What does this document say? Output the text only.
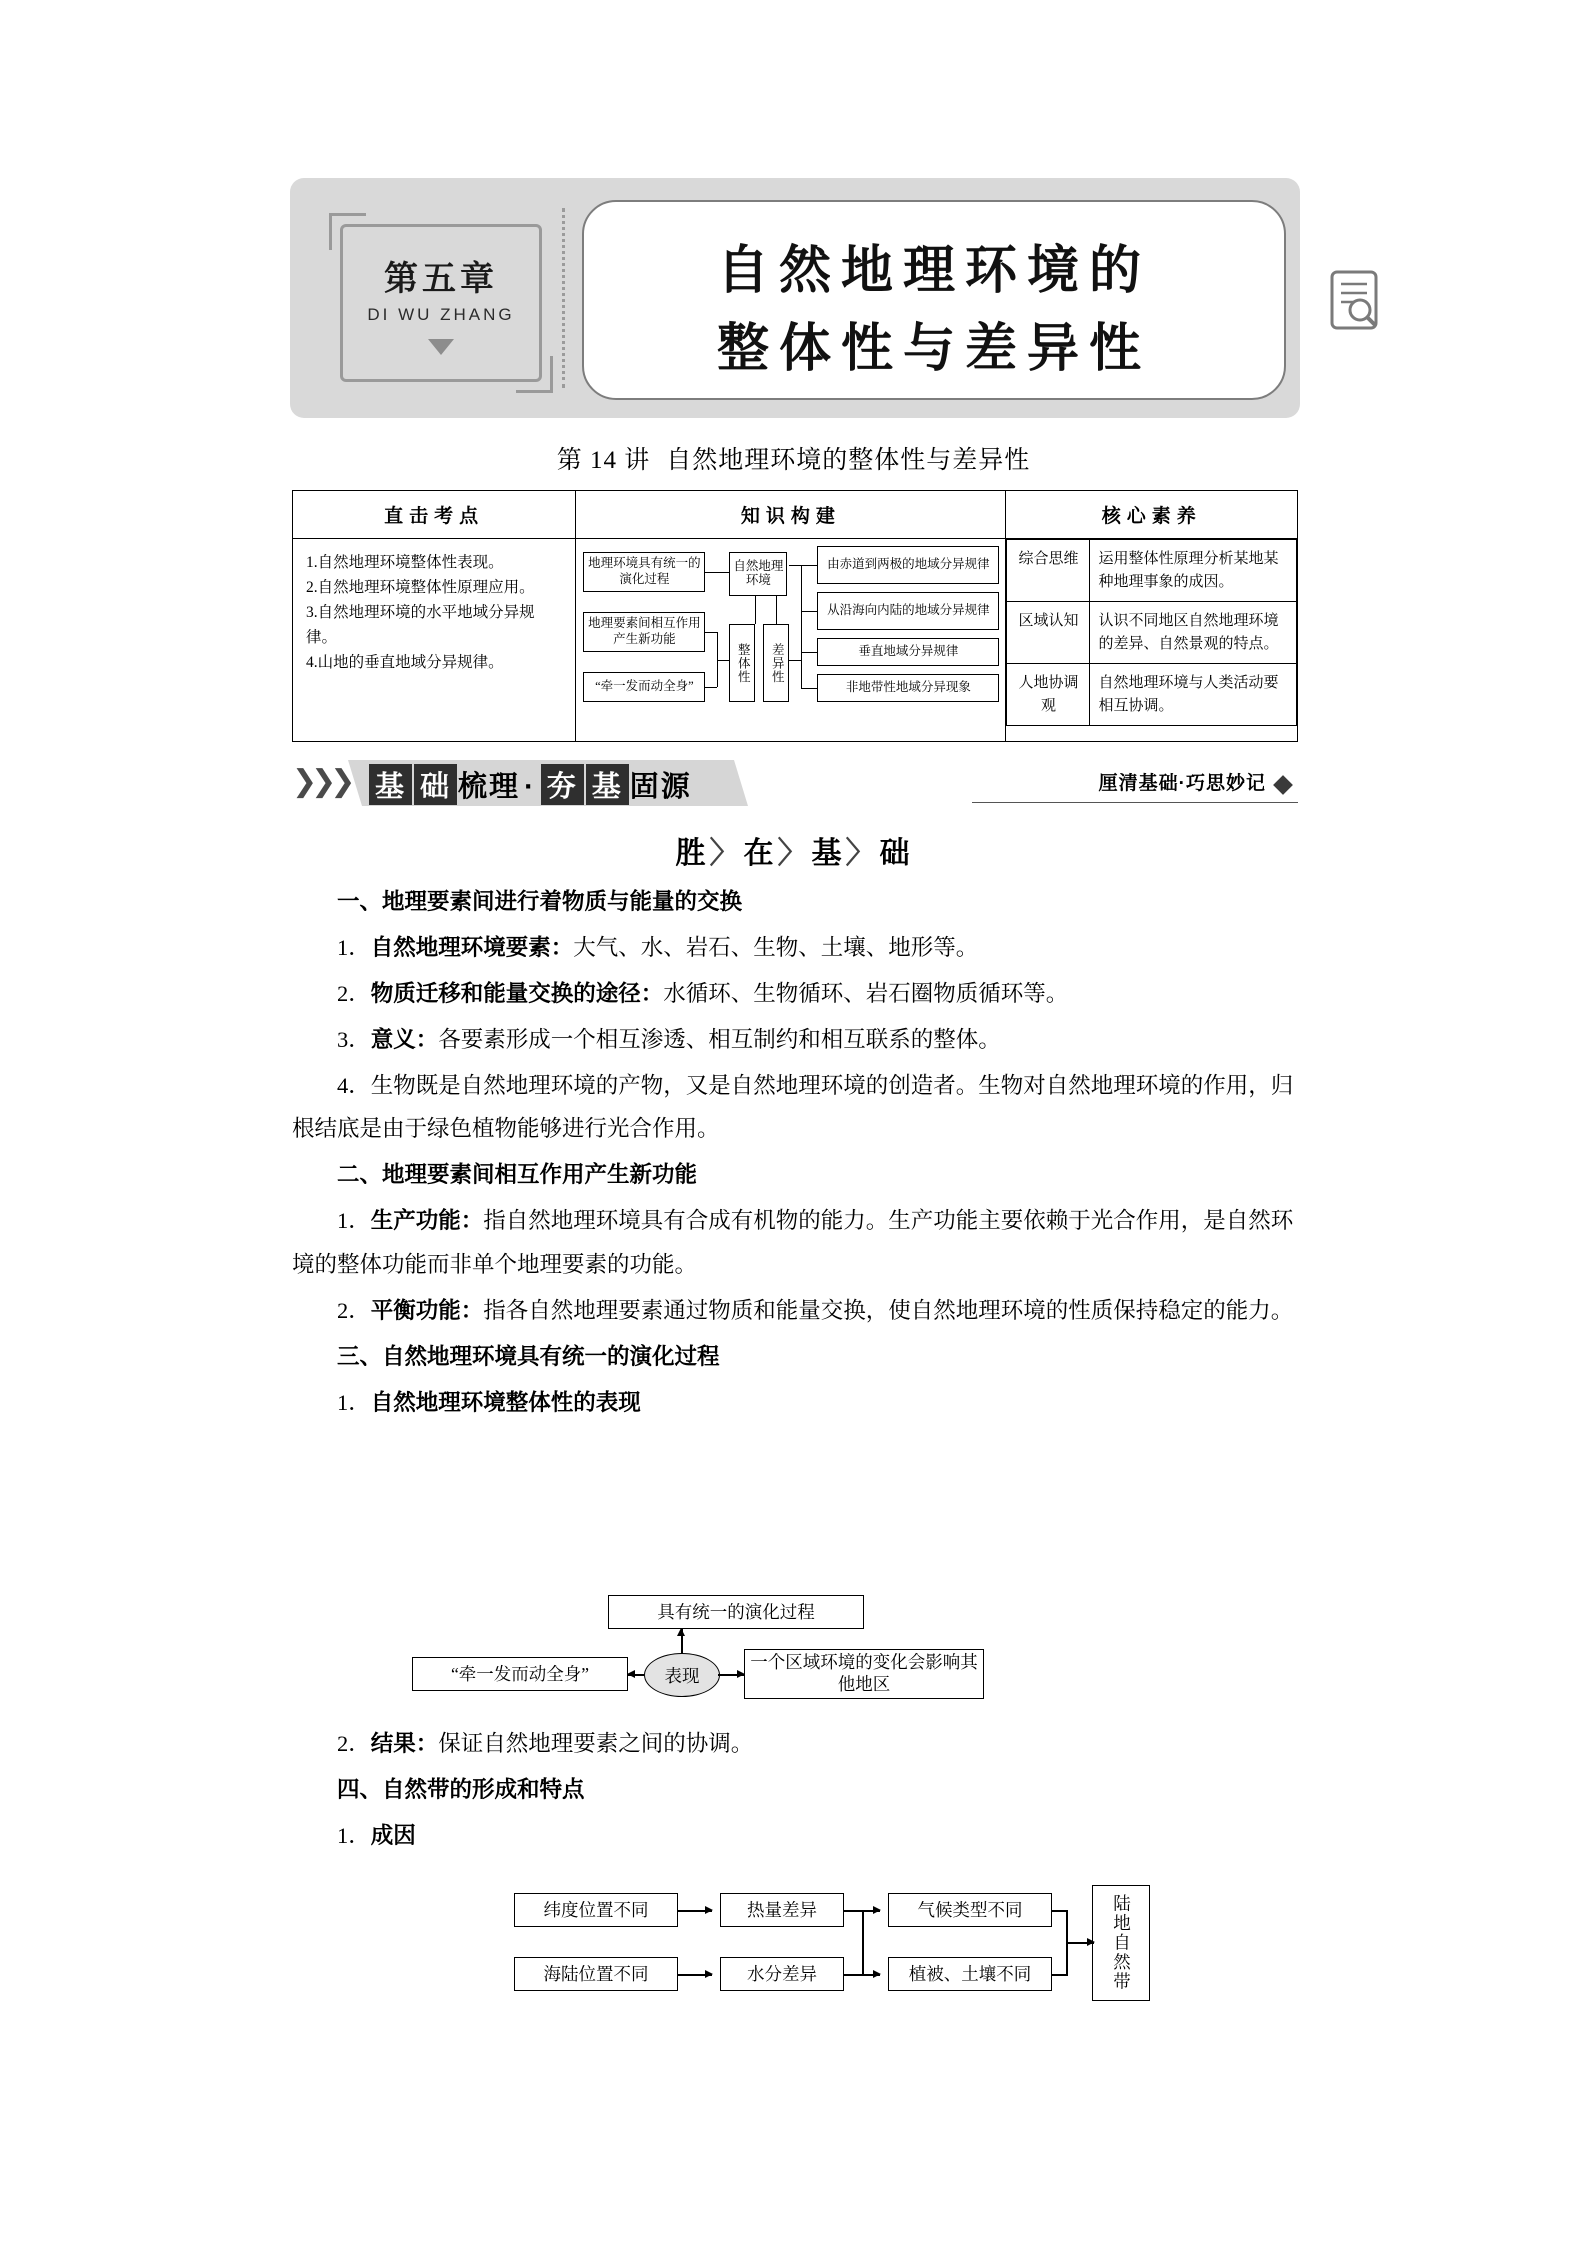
第五章
DI WU ZHANG
自然地理环境的
整体性与差异性
第 14 讲 自然地理环境的整体性与差异性
直击考点	知识构建	核心素养

1.自然地理环境整体性表现。
2.自然地理环境整体性原理应用。
3.自然地理环境的水平地域分异规律。
4.山地的垂直地域分异规律。

地理环境具有统一的演化过程
地理要素间相互作用产生新功能
“牵一发而动全身”
自然地理环境
整体性	差异性
由赤道到两极的地域分异规律
从沿海向内陆的地域分异规律
垂直地域分异规律
非地带性地域分异现象

综合思维	运用整体性原理分析某地某种地理事象的成因。
区域认知	认识不同地区自然地理环境的差异、自然景观的特点。
人地协调观	自然地理环境与人类活动要相互协调。
❯❯❯ 基 础 梳理 · 夯 基 固源	厘清基础·巧思妙记
胜〉在〉基〉础

一、地理要素间进行着物质与能量的交换

1．自然地理环境要素：大气、水、岩石、生物、土壤、地形等。

2．物质迁移和能量交换的途径：水循环、生物循环、岩石圈物质循环等。

3．意义：各要素形成一个相互渗透、相互制约和相互联系的整体。

4．生物既是自然地理环境的产物，又是自然地理环境的创造者。生物对自然地理环境的作用，归根结底是由于绿色植物能够进行光合作用。

二、地理要素间相互作用产生新功能

1．生产功能：指自然地理环境具有合成有机物的能力。生产功能主要依赖于光合作用，是自然环境的整体功能而非单个地理要素的功能。

2．平衡功能：指各自然地理要素通过物质和能量交换，使自然地理环境的性质保持稳定的能力。

三、自然地理环境具有统一的演化过程

1．自然地理环境整体性的表现

具有统一的演化过程
“牵一发而动全身”	表现
一个区域环境的变化会影响其他地区

2．结果：保证自然地理要素之间的协调。

四、自然带的形成和特点

1．成因

纬度位置不同
海陆位置不同
热量差异
水分差异
气候类型不同
植被、土壤不同	陆地自然带
